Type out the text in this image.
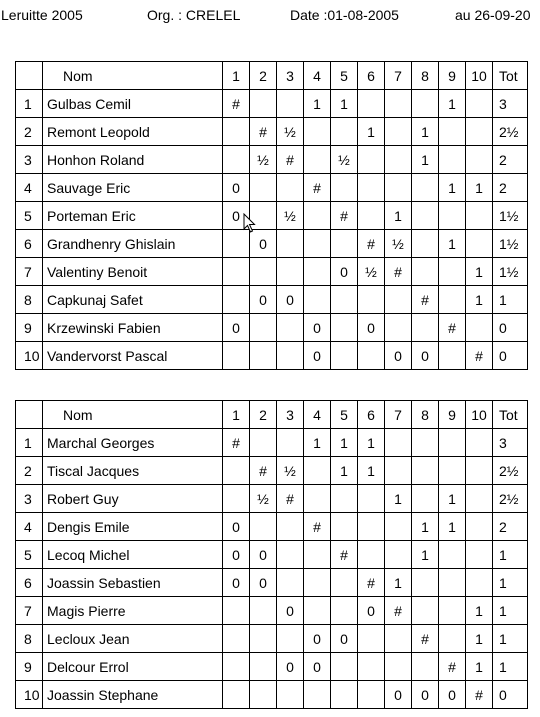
Leruitte 2005	Org. : CRELEL	Date :01-08-2005	au 26-09-20
	Nom	1	2	3	4	5	6	7	8	9	10	Tot
1	Gulbas Cemil	#			1	1				1		3
2	Remont Leopold		#	½			1		1			2½
3	Honhon Roland		½	#		½			1			2
4	Sauvage Eric	0			#					1	1	2
5	Porteman Eric	0		½		#		1				1½
6	Grandhenry Ghislain		0				#	½		1		1½
7	Valentiny Benoit					0	½	#			1	1½
8	Capkunaj Safet		0	0					#		1	1
9	Krzewinski Fabien	0			0		0			#		0
10	Vandervorst Pascal				0			0	0		#	0
	Nom	1	2	3	4	5	6	7	8	9	10	Tot
1	Marchal Georges	#			1	1	1					3
2	Tiscal Jacques		#	½		1	1					2½
3	Robert Guy		½	#				1		1		2½
4	Dengis Emile	0			#				1	1		2
5	Lecoq Michel	0	0			#			1			1
6	Joassin Sebastien	0	0				#	1				1
7	Magis Pierre			0			0	#			1	1
8	Lecloux Jean				0	0			#		1	1
9	Delcour Errol			0	0					#	1	1
10	Joassin Stephane							0	0	0	#	0
